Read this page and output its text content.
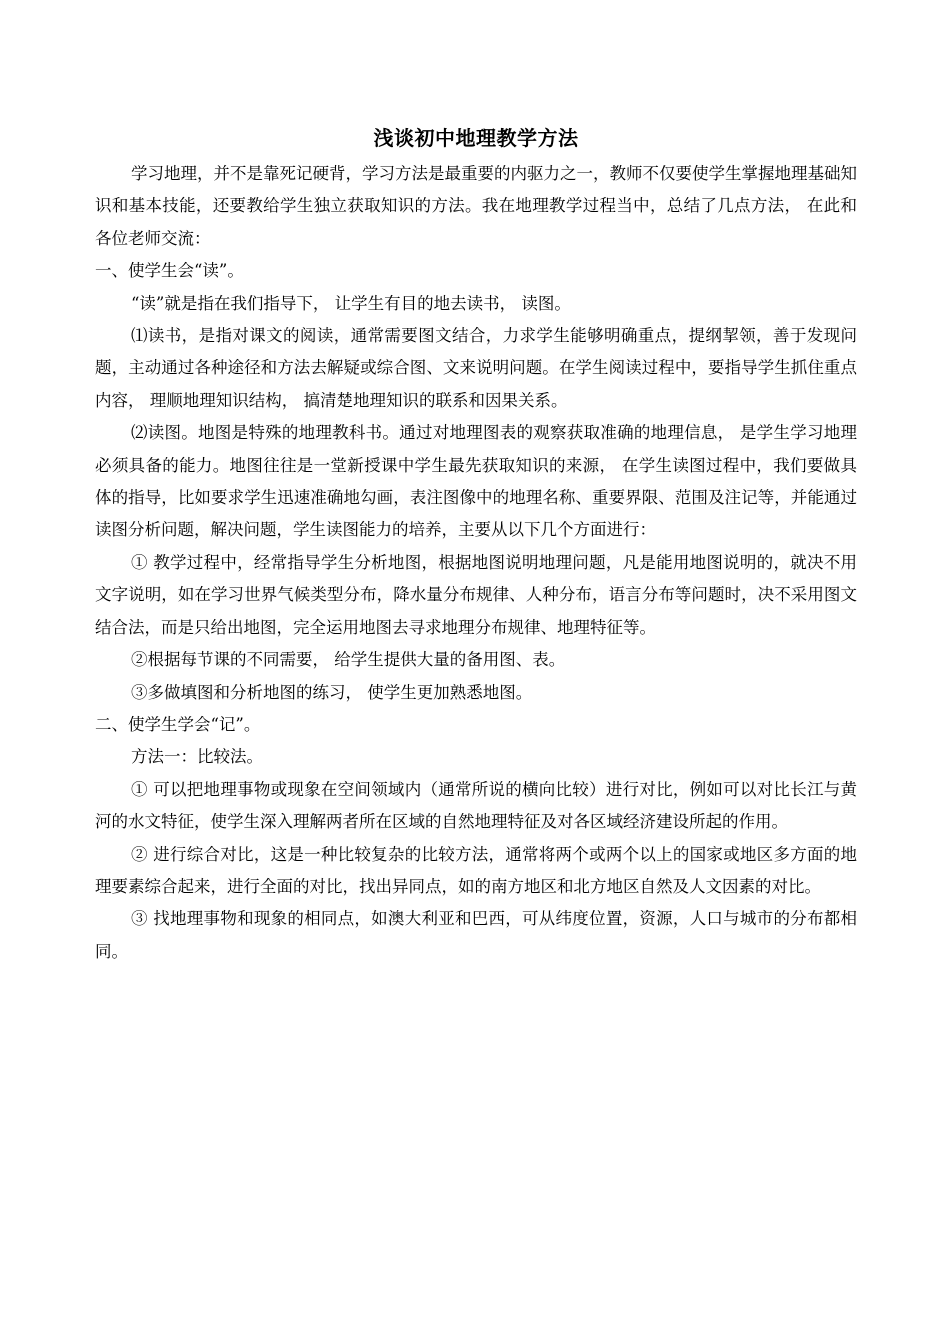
浅谈初中地理教学方法

学习地理，并不是靠死记硬背，学习方法是最重要的内驱力之一，教师不仅要使学生掌握地理基础知识和基本技能，还要教给学生独立获取知识的方法。我在地理教学过程当中，总结了几点方法， 在此和各位老师交流：

一、使学生会“读”。

“读”就是指在我们指导下， 让学生有目的地去读书， 读图。

⑴读书，是指对课文的阅读，通常需要图文结合，力求学生能够明确重点，提纲挈领，善于发现问题，主动通过各种途径和方法去解疑或综合图、文来说明问题。在学生阅读过程中，要指导学生抓住重点内容， 理顺地理知识结构， 搞清楚地理知识的联系和因果关系。

⑵读图。地图是特殊的地理教科书。通过对地理图表的观察获取准确的地理信息， 是学生学习地理必须具备的能力。地图往往是一堂新授课中学生最先获取知识的来源， 在学生读图过程中，我们要做具体的指导，比如要求学生迅速准确地勾画，表注图像中的地理名称、重要界限、范围及注记等，并能通过读图分析问题，解决问题，学生读图能力的培养，主要从以下几个方面进行：

① 教学过程中，经常指导学生分析地图，根据地图说明地理问题，凡是能用地图说明的，就决不用文字说明，如在学习世界气候类型分布，降水量分布规律、人种分布，语言分布等问题时，决不采用图文结合法，而是只给出地图，完全运用地图去寻求地理分布规律、地理特征等。

②根据每节课的不同需要， 给学生提供大量的备用图、表。

③多做填图和分析地图的练习， 使学生更加熟悉地图。

二、使学生学会“记”。

方法一：比较法。

① 可以把地理事物或现象在空间领域内（通常所说的横向比较）进行对比，例如可以对比长江与黄河的水文特征，使学生深入理解两者所在区域的自然地理特征及对各区域经济建设所起的作用。

② 进行综合对比，这是一种比较复杂的比较方法，通常将两个或两个以上的国家或地区多方面的地理要素综合起来，进行全面的对比，找出异同点，如的南方地区和北方地区自然及人文因素的对比。

③ 找地理事物和现象的相同点，如澳大利亚和巴西，可从纬度位置，资源，人口与城市的分布都相同。
